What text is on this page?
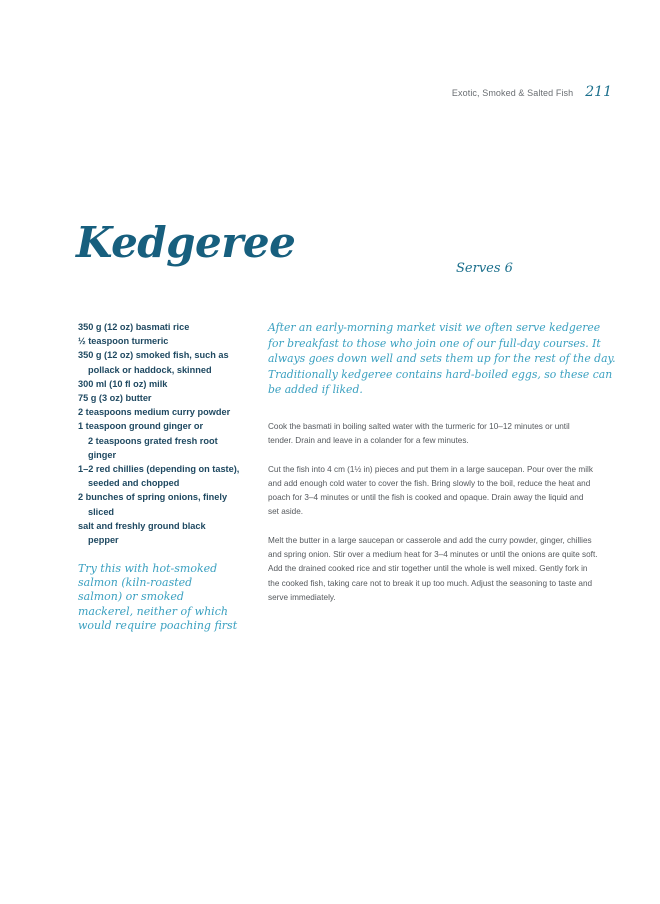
Exotic, Smoked & Salted Fish 211
Kedgeree
Serves 6
350 g (12 oz) basmati rice
½ teaspoon turmeric
350 g (12 oz) smoked fish, such as
pollack or haddock, skinned
300 ml (10 fl oz) milk
75 g (3 oz) butter
2 teaspoons medium curry powder
1 teaspoon ground ginger or
2 teaspoons grated fresh root
ginger
1–2 red chillies (depending on taste),
seeded and chopped
2 bunches of spring onions, finely
sliced
salt and freshly ground black
pepper
Try this with hot-smoked
salmon (kiln-roasted
salmon) or smoked
mackerel, neither of which
would require poaching first
After an early-morning market visit we often serve kedgeree
for breakfast to those who join one of our full-day courses. It
always goes down well and sets them up for the rest of the day.
Traditionally kedgeree contains hard-boiled eggs, so these can
be added if liked.

Cook the basmati in boiling salted water with the turmeric for 10–12 minutes or until
tender. Drain and leave in a colander for a few minutes.

Cut the fish into 4 cm (1½ in) pieces and put them in a large saucepan. Pour over the milk
and add enough cold water to cover the fish. Bring slowly to the boil, reduce the heat and
poach for 3–4 minutes or until the fish is cooked and opaque. Drain away the liquid and
set aside.

Melt the butter in a large saucepan or casserole and add the curry powder, ginger, chillies
and spring onion. Stir over a medium heat for 3–4 minutes or until the onions are quite soft.
Add the drained cooked rice and stir together until the whole is well mixed. Gently fork in
the cooked fish, taking care not to break it up too much. Adjust the seasoning to taste and
serve immediately.
